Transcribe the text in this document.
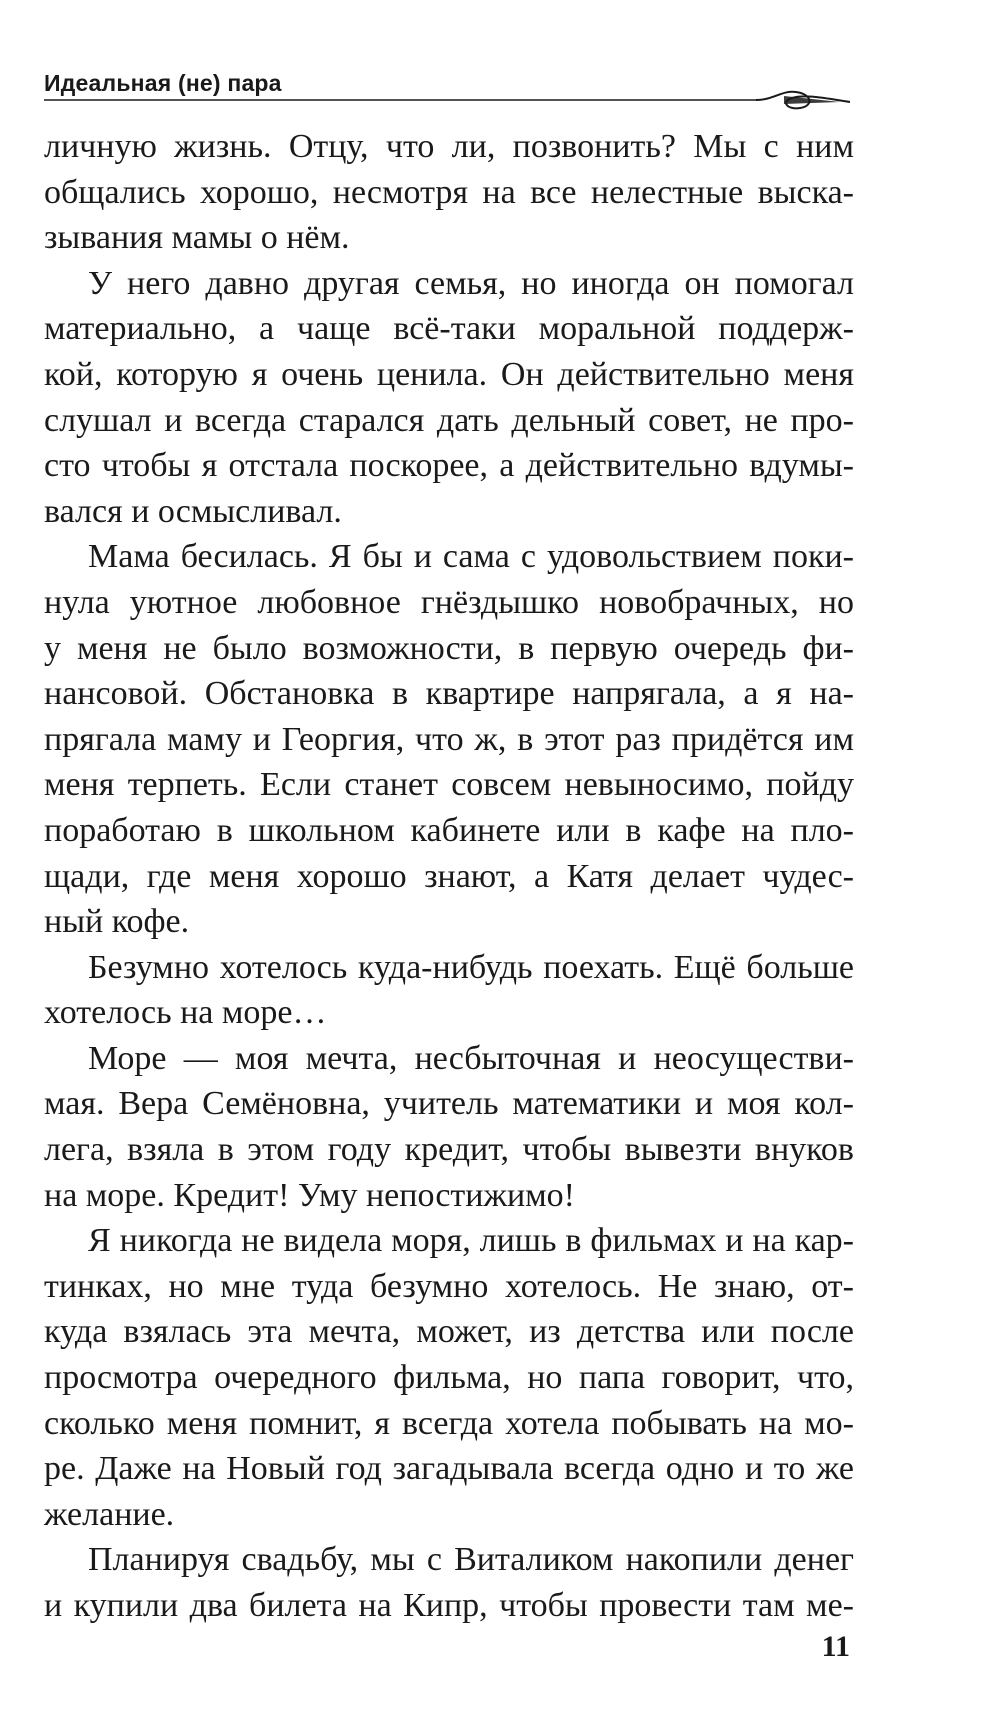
Идеальная (не) пара
личную жизнь. Отцу, что ли, позвонить? Мы с ним
общались хорошо, несмотря на все нелестные выска-
зывания мамы о нём.
У него давно другая семья, но иногда он помогал
материально, а чаще всё-таки моральной поддерж-
кой, которую я очень ценила. Он действительно меня
слушал и всегда старался дать дельный совет, не про-
сто чтобы я отстала поскорее, а действительно вдумы-
вался и осмысливал.
Мама бесилась. Я бы и сама с удовольствием поки-
нула уютное любовное гнёздышко новобрачных, но
у меня не было возможности, в первую очередь фи-
нансовой. Обстановка в квартире напрягала, а я на-
прягала маму и Георгия, что ж, в этот раз придётся им
меня терпеть. Если станет совсем невыносимо, пойду
поработаю в школьном кабинете или в кафе на пло-
щади, где меня хорошо знают, а Катя делает чудес-
ный кофе.
Безумно хотелось куда-нибудь поехать. Ещё больше
хотелось на море…
Море — моя мечта, несбыточная и неосуществи-
мая. Вера Семёновна, учитель математики и моя кол-
лега, взяла в этом году кредит, чтобы вывезти внуков
на море. Кредит! Уму непостижимо!
Я никогда не видела моря, лишь в фильмах и на кар-
тинках, но мне туда безумно хотелось. Не знаю, от-
куда взялась эта мечта, может, из детства или после
просмотра очередного фильма, но папа говорит, что,
сколько меня помнит, я всегда хотела побывать на мо-
ре. Даже на Новый год загадывала всегда одно и то же
желание.
Планируя свадьбу, мы с Виталиком накопили денег
и купили два билета на Кипр, чтобы провести там ме-
11
